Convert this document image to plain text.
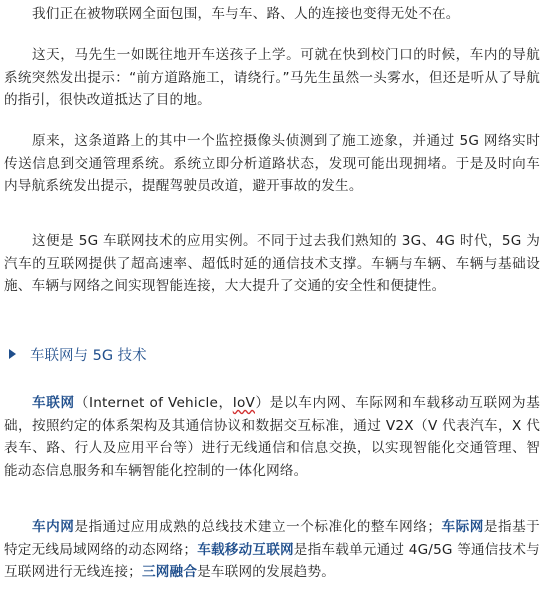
我们正在被物联网全面包围，车与车、路、人的连接也变得无处不在。

这天，马先生一如既往地开车送孩子上学。可就在快到校门口的时候，车内的导航系统突然发出提示：“前方道路施工，请绕行。”马先生虽然一头雾水，但还是听从了导航的指引，很快改道抵达了目的地。

原来，这条道路上的其中一个监控摄像头侦测到了施工迹象，并通过 5G 网络实时传送信息到交通管理系统。系统立即分析道路状态，发现可能出现拥堵。于是及时向车内导航系统发出提示，提醒驾驶员改道，避开事故的发生。

这便是 5G 车联网技术的应用实例。不同于过去我们熟知的 3G、4G 时代，5G 为汽车的互联网提供了超高速率、超低时延的通信技术支撑。车辆与车辆、车辆与基础设施、车辆与网络之间实现智能连接，大大提升了交通的安全性和便捷性。

车联网与 5G 技术

车联网（Internet of Vehicle，IoV）是以车内网、车际网和车载移动互联网为基础，按照约定的体系架构及其通信协议和数据交互标准，通过 V2X（V 代表汽车，X 代表车、路、行人及应用平台等）进行无线通信和信息交换，以实现智能化交通管理、智能动态信息服务和车辆智能化控制的一体化网络。

车内网是指通过应用成熟的总线技术建立一个标准化的整车网络；车际网是指基于特定无线局域网络的动态网络；车载移动互联网是指车载单元通过 4G/5G 等通信技术与互联网进行无线连接；三网融合是车联网的发展趋势。
